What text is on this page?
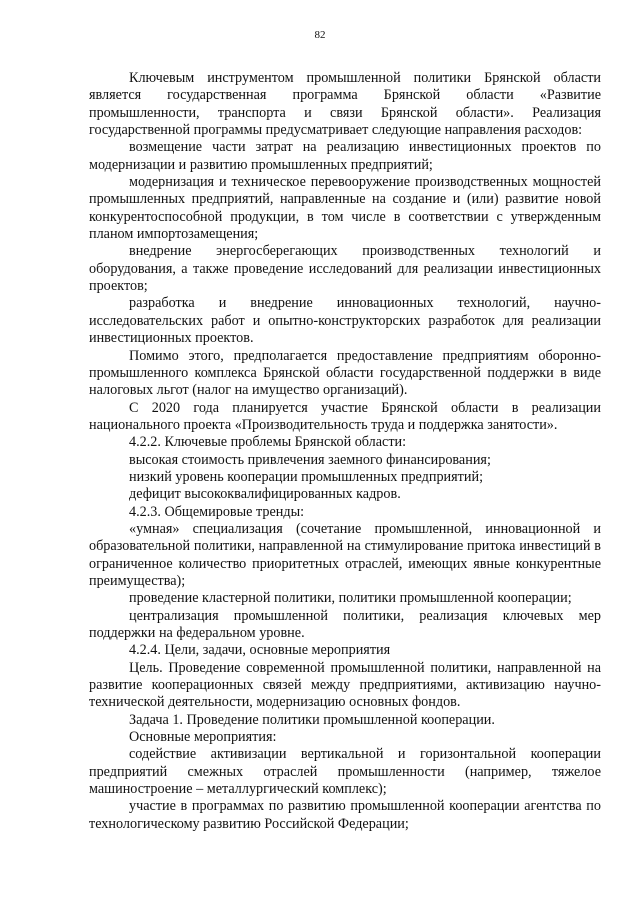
82

Ключевым инструментом промышленной политики Брянской области является государственная программа Брянской области «Развитие промышленности, транспорта и связи Брянской области». Реализация государственной программы предусматривает следующие направления расходов:

возмещение части затрат на реализацию инвестиционных проектов по модернизации и развитию промышленных предприятий;

модернизация и техническое перевооружение производственных мощностей промышленных предприятий, направленные на создание и (или) развитие новой конкурентоспособной продукции, в том числе в соответствии с утвержденным планом импортозамещения;

внедрение энергосберегающих производственных технологий и оборудования, а также проведение исследований для реализации инвестиционных проектов;

разработка и внедрение инновационных технологий, научно-исследовательских работ и опытно-конструкторских разработок для реализации инвестиционных проектов.

Помимо этого, предполагается предоставление предприятиям оборонно-промышленного комплекса Брянской области государственной поддержки в виде налоговых льгот (налог на имущество организаций).

С 2020 года планируется участие Брянской области в реализации национального проекта «Производительность труда и поддержка занятости».

4.2.2. Ключевые проблемы Брянской области:

высокая стоимость привлечения заемного финансирования;

низкий уровень кооперации промышленных предприятий;

дефицит высококвалифицированных кадров.

4.2.3. Общемировые тренды:

«умная» специализация (сочетание промышленной, инновационной и образовательной политики, направленной на стимулирование притока инвестиций в ограниченное количество приоритетных отраслей, имеющих явные конкурентные преимущества);

проведение кластерной политики, политики промышленной кооперации;

централизация промышленной политики, реализация ключевых мер поддержки на федеральном уровне.

4.2.4. Цели, задачи, основные мероприятия

Цель. Проведение современной промышленной политики, направленной на развитие кооперационных связей между предприятиями, активизацию научно-технической деятельности, модернизацию основных фондов.

Задача 1. Проведение политики промышленной кооперации.

Основные мероприятия:

содействие активизации вертикальной и горизонтальной кооперации предприятий смежных отраслей промышленности (например, тяжелое машиностроение – металлургический комплекс);

участие в программах по развитию промышленной кооперации агентства по технологическому развитию Российской Федерации;
